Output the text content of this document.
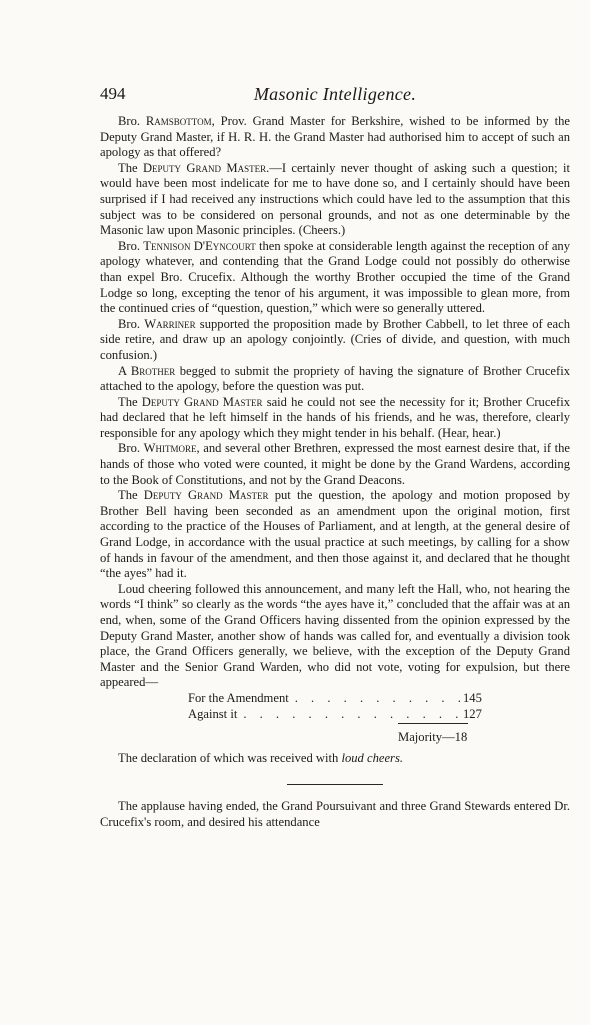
494	Masonic Intelligence.

Bro. Ramsbottom, Prov. Grand Master for Berkshire, wished to be informed by the Deputy Grand Master, if H. R. H. the Grand Master had authorised him to accept of such an apology as that offered?

The Deputy Grand Master.—I certainly never thought of asking such a question; it would have been most indelicate for me to have done so, and I certainly should have been surprised if I had received any instructions which could have led to the assumption that this subject was to be considered on personal grounds, and not as one determinable by the Masonic law upon Masonic principles. (Cheers.)

Bro. Tennison D'Eyncourt then spoke at considerable length against the reception of any apology whatever, and contending that the Grand Lodge could not possibly do otherwise than expel Bro. Crucefix. Although the worthy Brother occupied the time of the Grand Lodge so long, excepting the tenor of his argument, it was impossible to glean more, from the continued cries of “question, question,” which were so generally uttered.

Bro. Warriner supported the proposition made by Brother Cabbell, to let three of each side retire, and draw up an apology conjointly. (Cries of divide, and question, with much confusion.)

A Brother begged to submit the propriety of having the signature of Brother Crucefix attached to the apology, before the question was put.

The Deputy Grand Master said he could not see the necessity for it; Brother Crucefix had declared that he left himself in the hands of his friends, and he was, therefore, clearly responsible for any apology which they might tender in his behalf. (Hear, hear.)

Bro. Whitmore, and several other Brethren, expressed the most earnest desire that, if the hands of those who voted were counted, it might be done by the Grand Wardens, according to the Book of Constitutions, and not by the Grand Deacons.

The Deputy Grand Master put the question, the apology and motion proposed by Brother Bell having been seconded as an amendment upon the original motion, first according to the practice of the Houses of Parliament, and at length, at the general desire of Grand Lodge, in accordance with the usual practice at such meetings, by calling for a show of hands in favour of the amendment, and then those against it, and declared that he thought “the ayes” had it.

Loud cheering followed this announcement, and many left the Hall, who, not hearing the words “I think” so clearly as the words “the ayes have it,” concluded that the affair was at an end, when, some of the Grand Officers having dissented from the opinion expressed by the Deputy Grand Master, another show of hands was called for, and eventually a division took place, the Grand Officers generally, we believe, with the exception of the Deputy Grand Master and the Senior Grand Warden, who did not vote, voting for expulsion, but there appeared—

For the Amendment . . .	145
Against it . . .	127
Majority—18

The declaration of which was received with loud cheers.

The applause having ended, the Grand Poursuivant and three Grand Stewards entered Dr. Crucefix's room, and desired his attendance
